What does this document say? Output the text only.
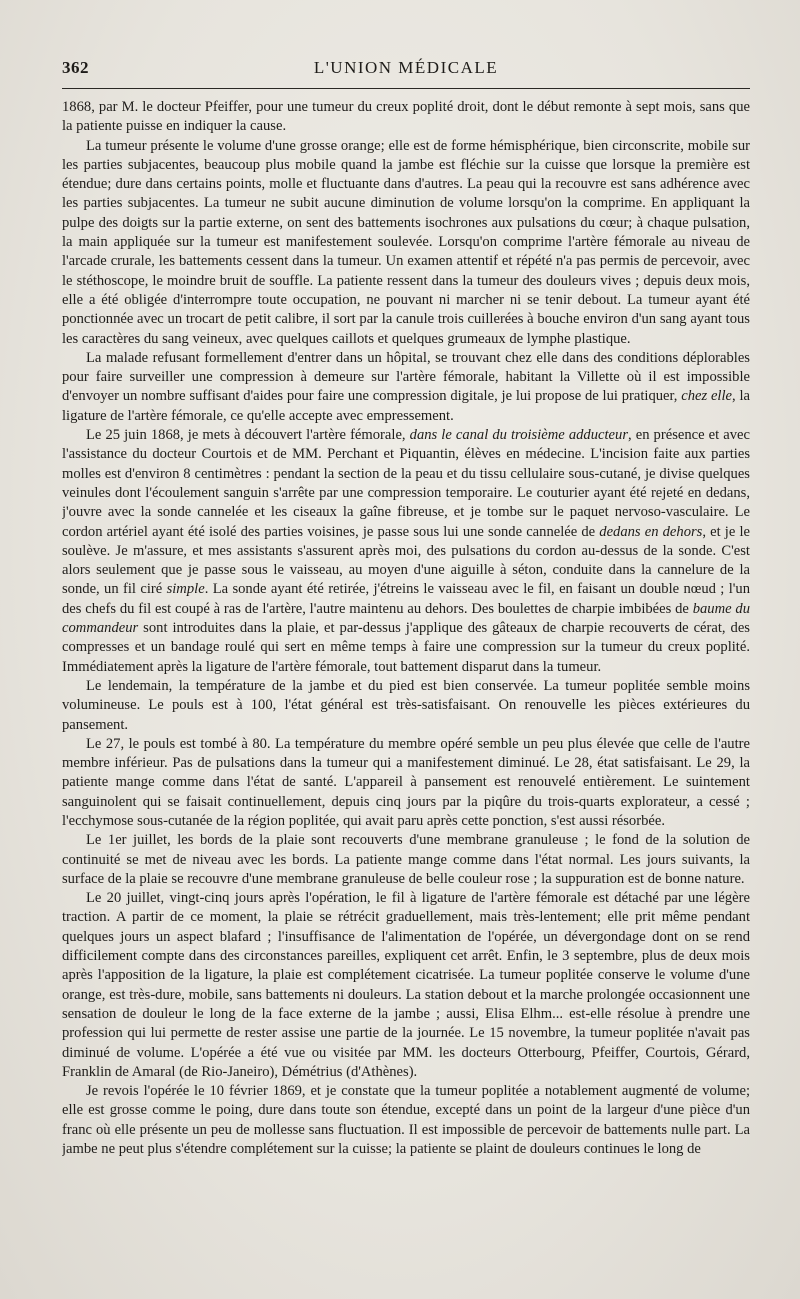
362	L'UNION MÉDICALE

1868, par M. le docteur Pfeiffer, pour une tumeur du creux poplité droit, dont le début remonte à sept mois, sans que la patiente puisse en indiquer la cause.

La tumeur présente le volume d'une grosse orange; elle est de forme hémisphérique, bien circonscrite, mobile sur les parties subjacentes, beaucoup plus mobile quand la jambe est fléchie sur la cuisse que lorsque la première est étendue; dure dans certains points, molle et fluctuante dans d'autres. La peau qui la recouvre est sans adhérence avec les parties subjacentes. La tumeur ne subit aucune diminution de volume lorsqu'on la comprime. En appliquant la pulpe des doigts sur la partie externe, on sent des battements isochrones aux pulsations du cœur; à chaque pulsation, la main appliquée sur la tumeur est manifestement soulevée. Lorsqu'on comprime l'artère fémorale au niveau de l'arcade crurale, les battements cessent dans la tumeur. Un examen attentif et répété n'a pas permis de percevoir, avec le stéthoscope, le moindre bruit de souffle. La patiente ressent dans la tumeur des douleurs vives ; depuis deux mois, elle a été obligée d'interrompre toute occupation, ne pouvant ni marcher ni se tenir debout. La tumeur ayant été ponctionnée avec un trocart de petit calibre, il sort par la canule trois cuillerées à bouche environ d'un sang ayant tous les caractères du sang veineux, avec quelques caillots et quelques grumeaux de lymphe plastique.

La malade refusant formellement d'entrer dans un hôpital, se trouvant chez elle dans des conditions déplorables pour faire surveiller une compression à demeure sur l'artère fémorale, habitant la Villette où il est impossible d'envoyer un nombre suffisant d'aides pour faire une compression digitale, je lui propose de lui pratiquer, chez elle, la ligature de l'artère fémorale, ce qu'elle accepte avec empressement.

Le 25 juin 1868, je mets à découvert l'artère fémorale, dans le canal du troisième adducteur, en présence et avec l'assistance du docteur Courtois et de MM. Perchant et Piquantin, élèves en médecine. L'incision faite aux parties molles est d'environ 8 centimètres : pendant la section de la peau et du tissu cellulaire sous-cutané, je divise quelques veinules dont l'écoulement sanguin s'arrête par une compression temporaire. Le couturier ayant été rejeté en dedans, j'ouvre avec la sonde cannelée et les ciseaux la gaîne fibreuse, et je tombe sur le paquet nervoso-vasculaire. Le cordon artériel ayant été isolé des parties voisines, je passe sous lui une sonde cannelée de dedans en dehors, et je le soulève. Je m'assure, et mes assistants s'assurent après moi, des pulsations du cordon au-dessus de la sonde. C'est alors seulement que je passe sous le vaisseau, au moyen d'une aiguille à séton, conduite dans la cannelure de la sonde, un fil ciré simple. La sonde ayant été retirée, j'étreins le vaisseau avec le fil, en faisant un double nœud ; l'un des chefs du fil est coupé à ras de l'artère, l'autre maintenu au dehors. Des boulettes de charpie imbibées de baume du commandeur sont introduites dans la plaie, et par-dessus j'applique des gâteaux de charpie recouverts de cérat, des compresses et un bandage roulé qui sert en même temps à faire une compression sur la tumeur du creux poplité. Immédiatement après la ligature de l'artère fémorale, tout battement disparut dans la tumeur.

Le lendemain, la température de la jambe et du pied est bien conservée. La tumeur poplitée semble moins volumineuse. Le pouls est à 100, l'état général est très-satisfaisant. On renouvelle les pièces extérieures du pansement.

Le 27, le pouls est tombé à 80. La température du membre opéré semble un peu plus élevée que celle de l'autre membre inférieur. Pas de pulsations dans la tumeur qui a manifestement diminué. Le 28, état satisfaisant. Le 29, la patiente mange comme dans l'état de santé. L'appareil à pansement est renouvelé entièrement. Le suintement sanguinolent qui se faisait continuellement, depuis cinq jours par la piqûre du trois-quarts explorateur, a cessé ; l'ecchymose sous-cutanée de la région poplitée, qui avait paru après cette ponction, s'est aussi résorbée.

Le 1er juillet, les bords de la plaie sont recouverts d'une membrane granuleuse ; le fond de la solution de continuité se met de niveau avec les bords. La patiente mange comme dans l'état normal. Les jours suivants, la surface de la plaie se recouvre d'une membrane granuleuse de belle couleur rose ; la suppuration est de bonne nature.

Le 20 juillet, vingt-cinq jours après l'opération, le fil à ligature de l'artère fémorale est détaché par une légère traction. A partir de ce moment, la plaie se rétrécit graduellement, mais très-lentement; elle prit même pendant quelques jours un aspect blafard ; l'insuffisance de l'alimentation de l'opérée, un dévergondage dont on se rend difficilement compte dans des circonstances pareilles, expliquent cet arrêt. Enfin, le 3 septembre, plus de deux mois après l'apposition de la ligature, la plaie est complétement cicatrisée. La tumeur poplitée conserve le volume d'une orange, est très-dure, mobile, sans battements ni douleurs. La station debout et la marche prolongée occasionnent une sensation de douleur le long de la face externe de la jambe ; aussi, Elisa Elhm... est-elle résolue à prendre une profession qui lui permette de rester assise une partie de la journée. Le 15 novembre, la tumeur poplitée n'avait pas diminué de volume. L'opérée a été vue ou visitée par MM. les docteurs Otterbourg, Pfeiffer, Courtois, Gérard, Franklin de Amaral (de Rio-Janeiro), Démétrius (d'Athènes).

Je revois l'opérée le 10 février 1869, et je constate que la tumeur poplitée a notablement augmenté de volume; elle est grosse comme le poing, dure dans toute son étendue, excepté dans un point de la largeur d'une pièce d'un franc où elle présente un peu de mollesse sans fluctuation. Il est impossible de percevoir de battements nulle part. La jambe ne peut plus s'étendre complétement sur la cuisse; la patiente se plaint de douleurs continues le long de
